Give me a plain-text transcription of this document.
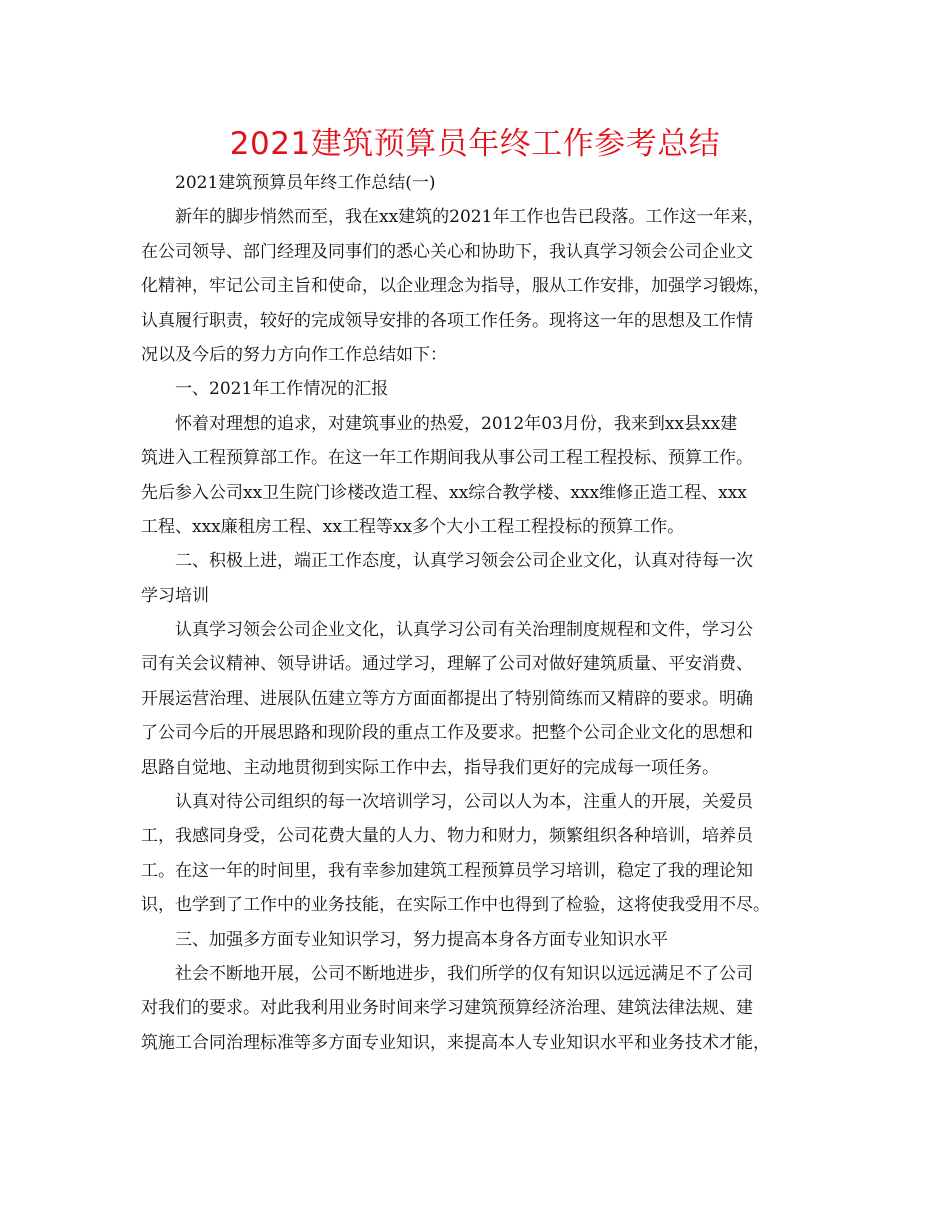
2021建筑预算员年终工作参考总结
2021建筑预算员年终工作总结(一)
新年的脚步悄然而至，我在xx建筑的2021年工作也告已段落。工作这一年来，
在公司领导、部门经理及同事们的悉心关心和协助下，我认真学习领会公司企业文
化精神，牢记公司主旨和使命，以企业理念为指导，服从工作安排，加强学习锻炼，
认真履行职责，较好的完成领导安排的各项工作任务。现将这一年的思想及工作情
况以及今后的努力方向作工作总结如下：
一、2021年工作情况的汇报
怀着对理想的追求，对建筑事业的热爱，2012年03月份，我来到xx县xx建
筑进入工程预算部工作。在这一年工作期间我从事公司工程工程投标、预算工作。
先后参入公司xx卫生院门诊楼改造工程、xx综合教学楼、xxx维修正造工程、xxx
工程、xxx廉租房工程、xx工程等xx多个大小工程工程投标的预算工作。
二、积极上进，端正工作态度，认真学习领会公司企业文化，认真对待每一次
学习培训
认真学习领会公司企业文化，认真学习公司有关治理制度规程和文件，学习公
司有关会议精神、领导讲话。通过学习，理解了公司对做好建筑质量、平安消费、
开展运营治理、进展队伍建立等方方面面都提出了特别简练而又精辟的要求。明确
了公司今后的开展思路和现阶段的重点工作及要求。把整个公司企业文化的思想和
思路自觉地、主动地贯彻到实际工作中去，指导我们更好的完成每一项任务。
认真对待公司组织的每一次培训学习，公司以人为本，注重人的开展，关爱员
工，我感同身受，公司花费大量的人力、物力和财力，频繁组织各种培训，培养员
工。在这一年的时间里，我有幸参加建筑工程预算员学习培训，稳定了我的理论知
识，也学到了工作中的业务技能，在实际工作中也得到了检验，这将使我受用不尽。
三、加强多方面专业知识学习，努力提高本身各方面专业知识水平
社会不断地开展，公司不断地进步，我们所学的仅有知识以远远满足不了公司
对我们的要求。对此我利用业务时间来学习建筑预算经济治理、建筑法律法规、建
筑施工合同治理标准等多方面专业知识，来提高本人专业知识水平和业务技术才能，
